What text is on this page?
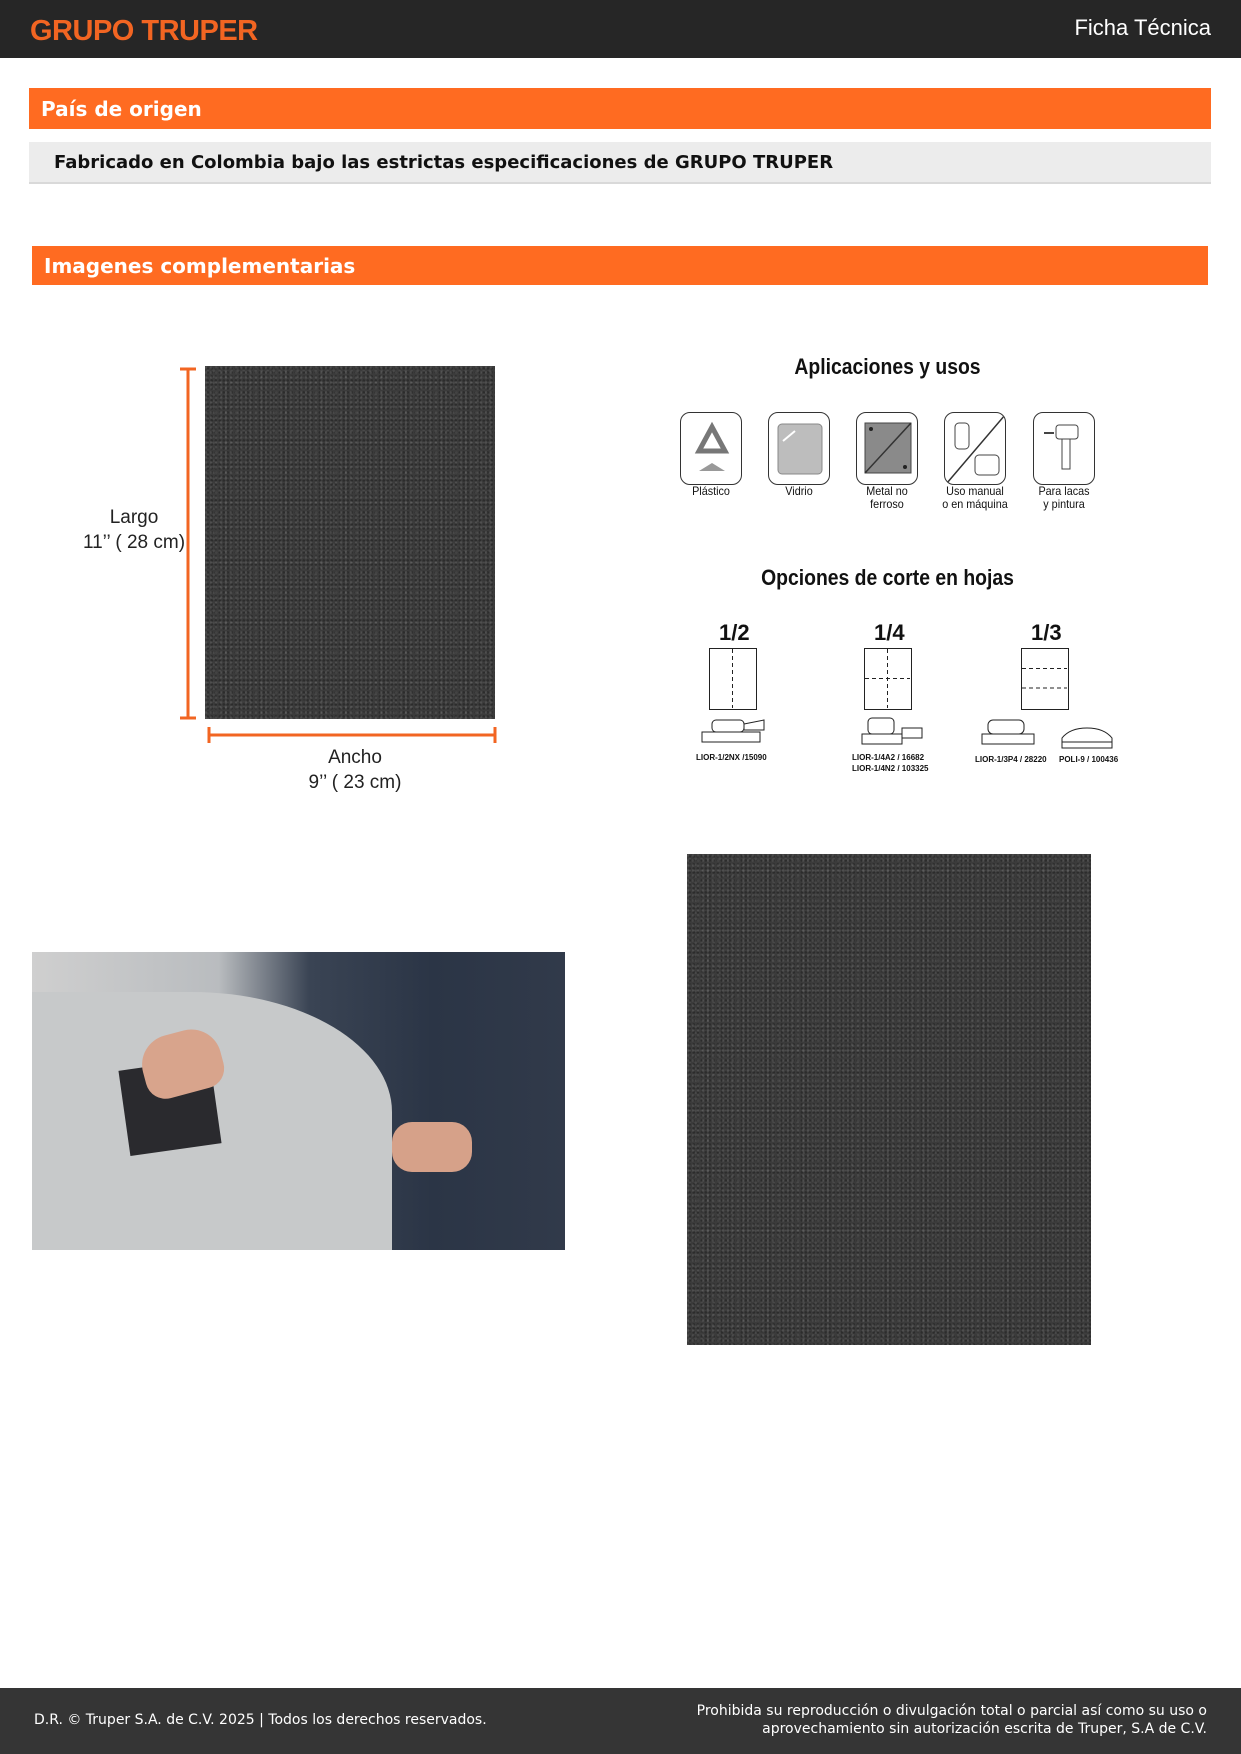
GRUPO TRUPER	Ficha Técnica
País de origen
Fabricado en Colombia bajo las estrictas especificaciones de GRUPO TRUPER
Imagenes complementarias
Largo
11’’ ( 28 cm)
Ancho
9’’ ( 23 cm)
Aplicaciones y usos
Plástico	Vidrio	Metal no
ferroso
Uso manual
o en máquina
Para lacas
y pintura
Opciones de corte en hojas
1/2	1/4	1/3
LIOR-1/2NX /15090	LIOR-1/4A2 / 16682
LIOR-1/4N2 / 103325
LIOR-1/3P4 / 28220 POLI-9 / 100436
D.R. © Truper S.A. de C.V. 2025 | Todos los derechos reservados.
Prohibida su reproducción o divulgación total o parcial así como su uso o
aprovechamiento sin autorización escrita de Truper, S.A de C.V.
